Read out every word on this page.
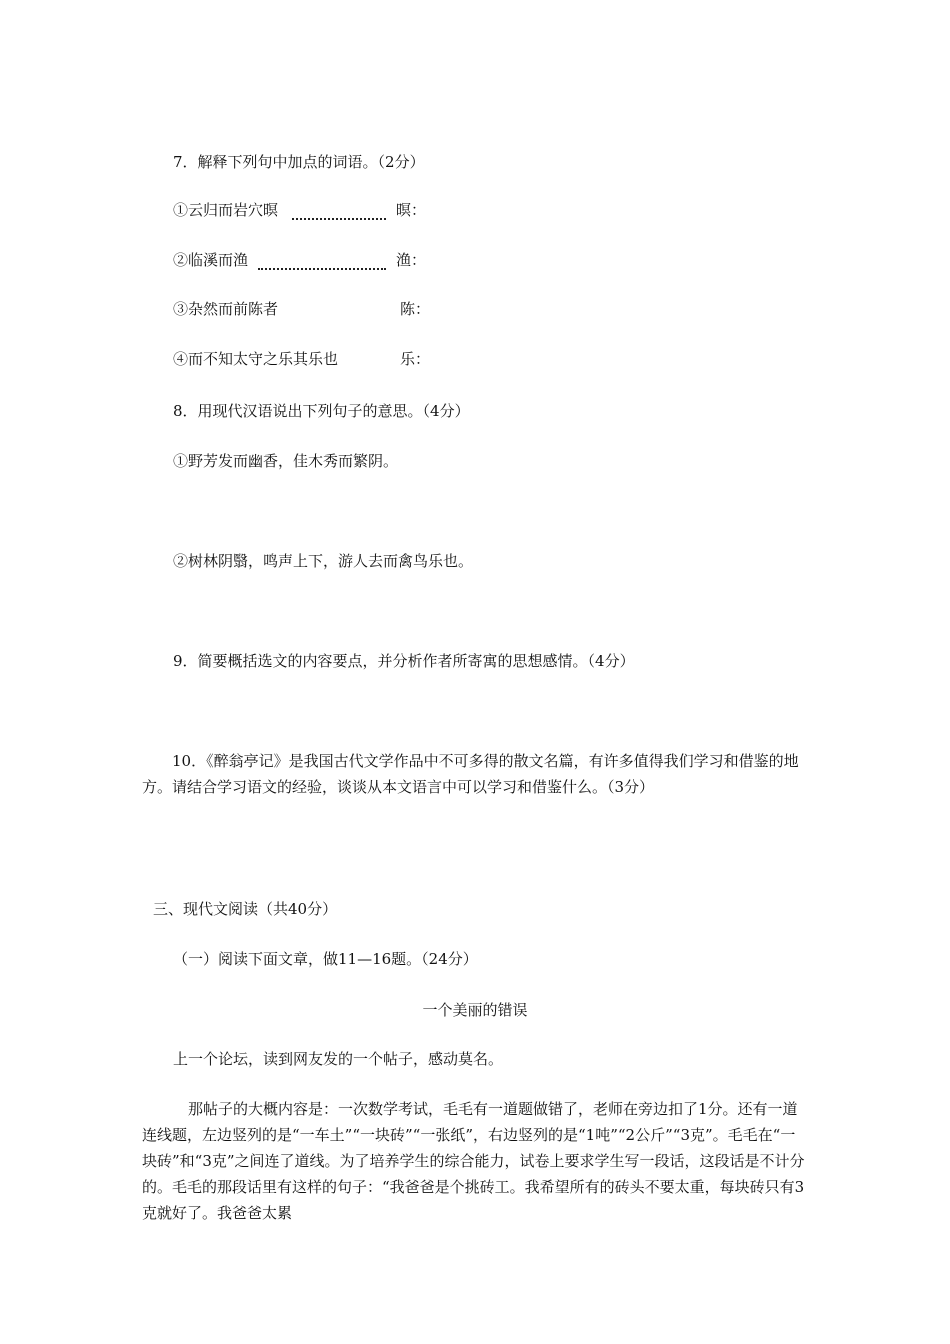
7．解释下列句中加点的词语。（2分）
①云归而岩穴暝	暝：
②临溪而渔	渔：
③杂然而前陈者	陈：
④而不知太守之乐其乐也	乐：
8．用现代汉语说出下列句子的意思。（4分）
①野芳发而幽香，佳木秀而繁阴。
②树林阴翳，鸣声上下，游人去而禽鸟乐也。
9．简要概括选文的内容要点，并分析作者所寄寓的思想感情。（4分）
10．《醉翁亭记》是我国古代文学作品中不可多得的散文名篇，有许多值得我们学习和借鉴的地方。请结合学习语文的经验，谈谈从本文语言中可以学习和借鉴什么。（3分）
三、现代文阅读（共40分）
（一）阅读下面文章，做11—16题。（24分）
一个美丽的错误
上一个论坛，读到网友发的一个帖子，感动莫名。
那帖子的大概内容是：一次数学考试，毛毛有一道题做错了，老师在旁边扣了1分。还有一道连线题，左边竖列的是“一车土”“一块砖”“一张纸”，右边竖列的是“1吨”“2公斤”“3克”。毛毛在“一块砖”和“3克”之间连了道线。为了培养学生的综合能力，试卷上要求学生写一段话，这段话是不计分的。毛毛的那段话里有这样的句子：“我爸爸是个挑砖工。我希望所有的砖头不要太重，每块砖只有3克就好了。我爸爸太累
